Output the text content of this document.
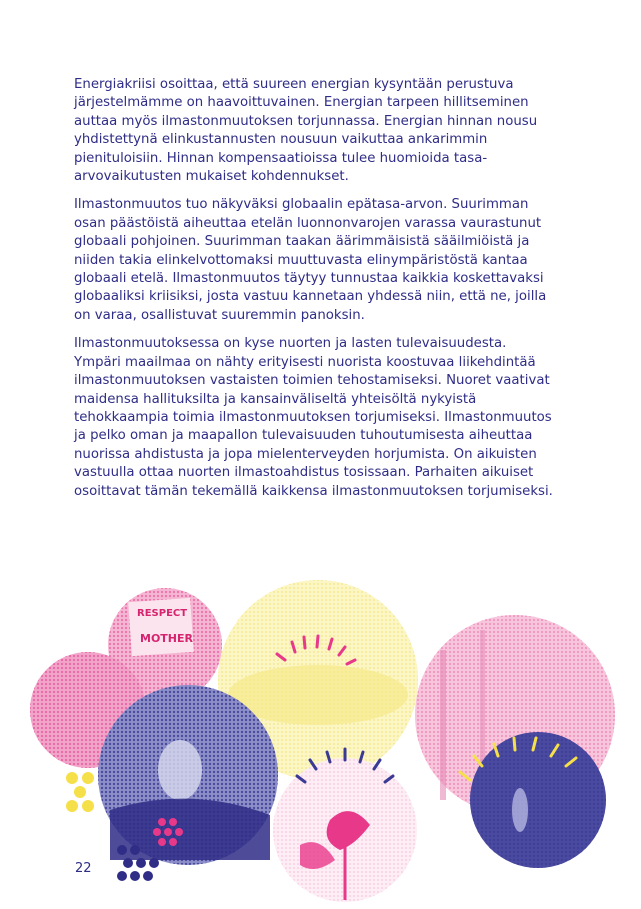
Energiakriisi osoittaa, että suureen energian kysyntään perustuva järjestelmämme on haavoittuvainen. Energian tarpeen hillitseminen auttaa myös ilmastonmuutoksen torjunnassa. Energian hinnan nousu yhdistettynä elinkustannusten nousuun vaikuttaa ankarimmin pienituloisiin. Hinnan kompensaatioissa tulee huomioida tasa-arvovaikutusten mukaiset kohdennukset.

Ilmastonmuutos tuo näkyväksi globaalin epätasa-arvon. Suurimman osan päästöistä aiheuttaa etelän luonnonvarojen varassa vaurastunut globaali pohjoinen. Suurimman taakan äärimmäisistä sääilmiöistä ja niiden takia elinkelvottomaksi muuttuvasta elinympäristöstä kantaa globaali etelä. Ilmastonmuutos täytyy tunnustaa kaikkia koskettavaksi globaaliksi kriisiksi, josta vastuu kannetaan yhdessä niin, että ne, joilla on varaa, osallistuvat suuremmin panoksin.

Ilmastonmuutoksessa on kyse nuorten ja lasten tulevaisuudesta. Ympäri maailmaa on nähty erityisesti nuorista koostuvaa liikehdintää ilmastonmuutoksen vastaisten toimien tehostamiseksi. Nuoret vaativat maidensa hallituksilta ja kansainväliseltä yhteisöltä nykyistä tehokkaampia toimia ilmastonmuutoksen torjumiseksi. Ilmastonmuutos ja pelko oman ja maapallon tulevaisuuden tuhoutumisesta aiheuttaa nuorissa ahdistusta ja jopa mielenterveyden horjumista. On aikuisten vastuulla ottaa nuorten ilmastoahdistus tosissaan. Parhaiten aikuiset osoittavat tämän tekemällä kaikkensa ilmastonmuutoksen torjumiseksi.

RESPECT
MOTHER
22
